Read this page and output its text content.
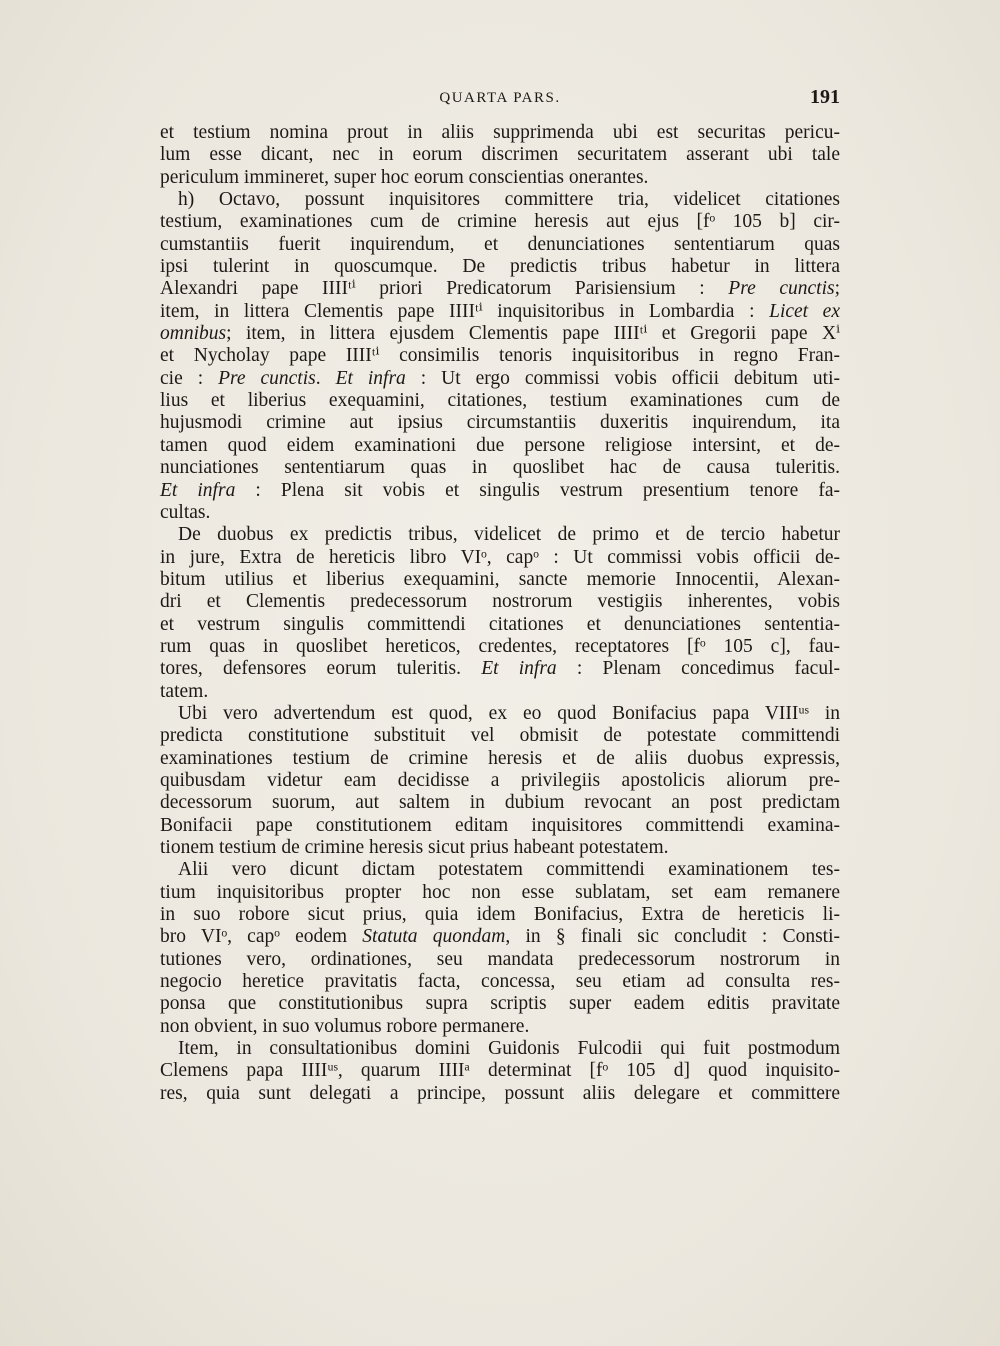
QUARTA PARS.	191
et testium nomina prout in aliis supprimenda ubi est securitas pericu-
lum esse dicant, nec in eorum discrimen securitatem asserant ubi tale
periculum immineret, super hoc eorum conscientias onerantes.
h) Octavo, possunt inquisitores committere tria, videlicet citationes
testium, examinationes cum de crimine heresis aut ejus [fᵒ 105 b] cir-
cumstantiis fuerit inquirendum, et denunciationes sententiarum quas
ipsi tulerint in quoscumque. De predictis tribus habetur in littera
Alexandri pape IIIIᵗⁱ priori Predicatorum Parisiensium : Pre cunctis;
item, in littera Clementis pape IIIIᵗⁱ inquisitoribus in Lombardia : Licet ex
omnibus; item, in littera ejusdem Clementis pape IIIIᵗⁱ et Gregorii pape Xⁱ
et Nycholay pape IIIIᵗⁱ consimilis tenoris inquisitoribus in regno Fran-
cie : Pre cunctis. Et infra : Ut ergo commissi vobis officii debitum uti-
lius et liberius exequamini, citationes, testium examinationes cum de
hujusmodi crimine aut ipsius circumstantiis duxeritis inquirendum, ita
tamen quod eidem examinationi due persone religiose intersint, et de-
nunciationes sententiarum quas in quoslibet hac de causa tuleritis.
Et infra : Plena sit vobis et singulis vestrum presentium tenore fa-
cultas.
De duobus ex predictis tribus, videlicet de primo et de tercio habetur
in jure, Extra de hereticis libro VIᵒ, capᵒ : Ut commissi vobis officii de-
bitum utilius et liberius exequamini, sancte memorie Innocentii, Alexan-
dri et Clementis predecessorum nostrorum vestigiis inherentes, vobis
et vestrum singulis committendi citationes et denunciationes sententia-
rum quas in quoslibet hereticos, credentes, receptatores [fᵒ 105 c], fau-
tores, defensores eorum tuleritis. Et infra : Plenam concedimus facul-
tatem.
Ubi vero advertendum est quod, ex eo quod Bonifacius papa VIIIᵘˢ in
predicta constitutione substituit vel obmisit de potestate committendi
examinationes testium de crimine heresis et de aliis duobus expressis,
quibusdam videtur eam decidisse a privilegiis apostolicis aliorum pre-
decessorum suorum, aut saltem in dubium revocant an post predictam
Bonifacii pape constitutionem editam inquisitores committendi examina-
tionem testium de crimine heresis sicut prius habeant potestatem.
Alii vero dicunt dictam potestatem committendi examinationem tes-
tium inquisitoribus propter hoc non esse sublatam, set eam remanere
in suo robore sicut prius, quia idem Bonifacius, Extra de hereticis li-
bro VIᵒ, capᵒ eodem Statuta quondam, in § finali sic concludit : Consti-
tutiones vero, ordinationes, seu mandata predecessorum nostrorum in
negocio heretice pravitatis facta, concessa, seu etiam ad consulta res-
ponsa que constitutionibus supra scriptis super eadem editis pravitate
non obvient, in suo volumus robore permanere.
Item, in consultationibus domini Guidonis Fulcodii qui fuit postmodum
Clemens papa IIIIᵘˢ, quarum IIIIᵃ determinat [fᵒ 105 d] quod inquisito-
res, quia sunt delegati a principe, possunt aliis delegare et committere
